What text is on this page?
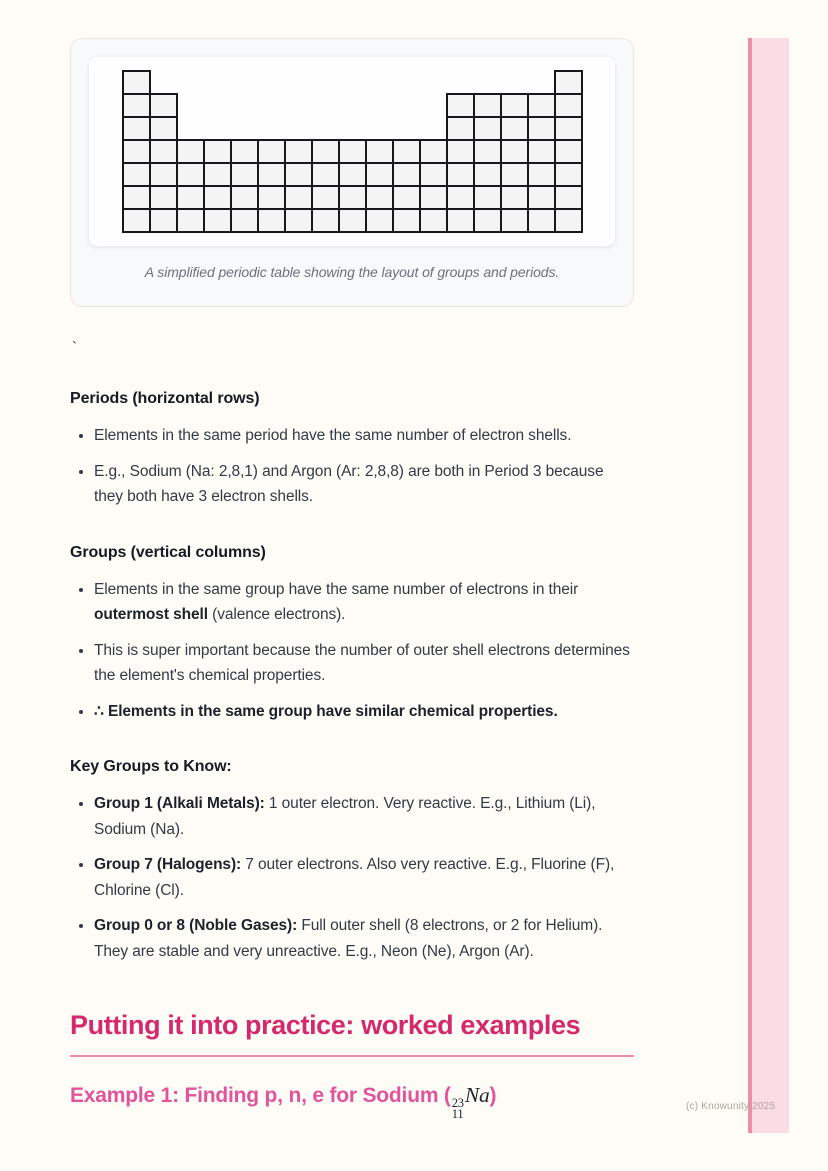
A simplified periodic table showing the layout of groups and periods.

`

Periods (horizontal rows)
• Elements in the same period have the same number of electron shells.
• E.g., Sodium (Na: 2,8,1) and Argon (Ar: 2,8,8) are both in Period 3 because they both have 3 electron shells.
Groups (vertical columns)
• Elements in the same group have the same number of electrons in their outermost shell (valence electrons).
• This is super important because the number of outer shell electrons determines the element's chemical properties.
• ∴ Elements in the same group have similar chemical properties.
Key Groups to Know:
• Group 1 (Alkali Metals): 1 outer electron. Very reactive. E.g., Lithium (Li), Sodium (Na).
• Group 7 (Halogens): 7 outer electrons. Also very reactive. E.g., Fluorine (F), Chlorine (Cl).
• Group 0 or 8 (Noble Gases): Full outer shell (8 electrons, or 2 for Helium). They are stable and very unreactive. E.g., Neon (Ne), Argon (Ar).
Putting it into practice: worked examples
Example 1: Finding p, n, e for Sodium ( 23
11
Na)	(c) Knowunity 2025
